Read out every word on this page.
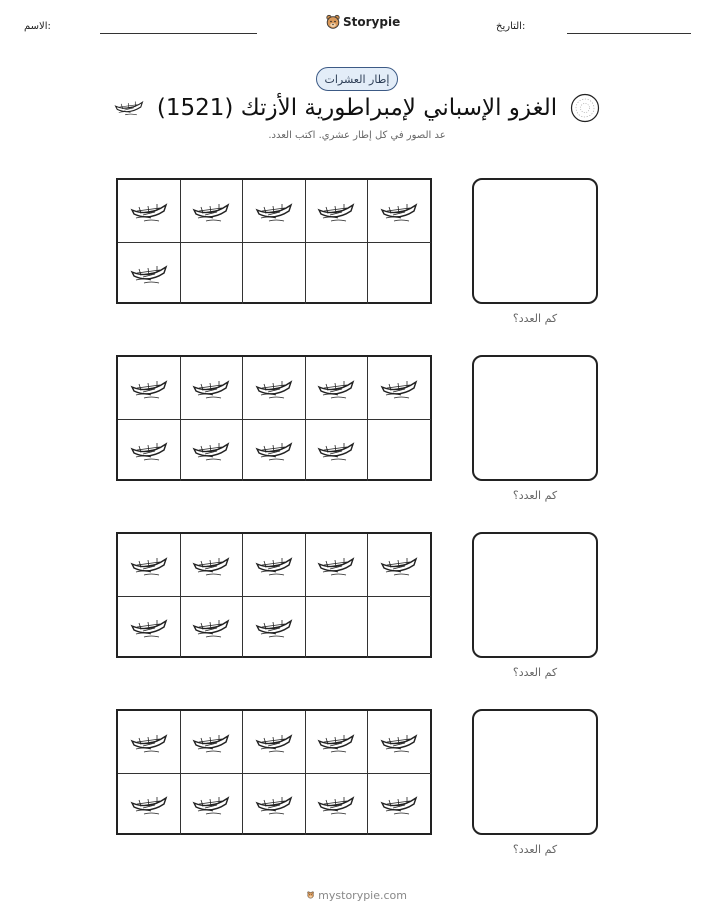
الاسم:	Storypie	التاريخ:
إطار العشرات
الغزو الإسباني لإمبراطورية الأزتك (1521)
عد الصور في كل إطار عشري. اكتب العدد.
كم العدد؟
كم العدد؟
كم العدد؟
كم العدد؟
mystorypie.com
